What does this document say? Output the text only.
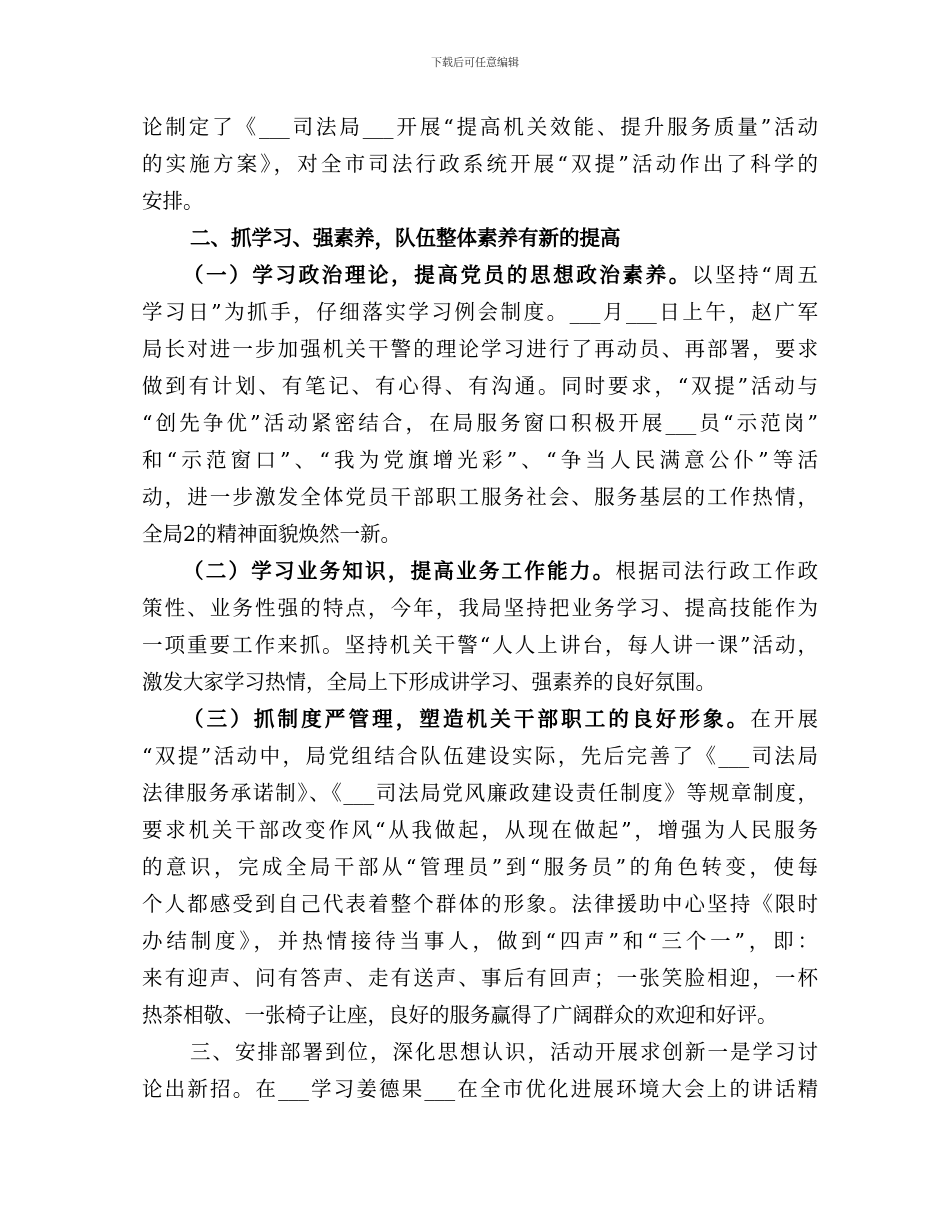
下载后可任意编辑
论制定了《___司法局___开展“提高机关效能、提升服务质量”活动
的实施方案》，对全市司法行政系统开展“双提”活动作出了科学的
安排。
二、抓学习、强素养，队伍整体素养有新的提高
（一）学习政治理论，提高党员的思想政治素养。以坚持“周五
学习日”为抓手，仔细落实学习例会制度。___月___日上午，赵广军
局长对进一步加强机关干警的理论学习进行了再动员、再部署，要求
做到有计划、有笔记、有心得、有沟通。同时要求，“双提”活动与
“创先争优”活动紧密结合，在局服务窗口积极开展___员“示范岗”
和“示范窗口”、“我为党旗增光彩”、“争当人民满意公仆”等活
动，进一步激发全体党员干部职工服务社会、服务基层的工作热情，
全局2的精神面貌焕然一新。
（二）学习业务知识，提高业务工作能力。根据司法行政工作政
策性、业务性强的特点，今年，我局坚持把业务学习、提高技能作为
一项重要工作来抓。坚持机关干警“人人上讲台，每人讲一课”活动，
激发大家学习热情，全局上下形成讲学习、强素养的良好氛围。
（三）抓制度严管理，塑造机关干部职工的良好形象。在开展
“双提”活动中，局党组结合队伍建设实际，先后完善了《___司法局
法律服务承诺制》、《___司法局党风廉政建设责任制度》等规章制度，
要求机关干部改变作风“从我做起，从现在做起”，增强为人民服务
的意识，完成全局干部从“管理员”到“服务员”的角色转变，使每
个人都感受到自己代表着整个群体的形象。法律援助中心坚持《限时
办结制度》，并热情接待当事人，做到“四声”和“三个一”，即：
来有迎声、问有答声、走有送声、事后有回声；一张笑脸相迎，一杯
热茶相敬、一张椅子让座，良好的服务赢得了广阔群众的欢迎和好评。
三、安排部署到位，深化思想认识，活动开展求创新一是学习讨
论出新招。在___学习姜德果___在全市优化进展环境大会上的讲话精
